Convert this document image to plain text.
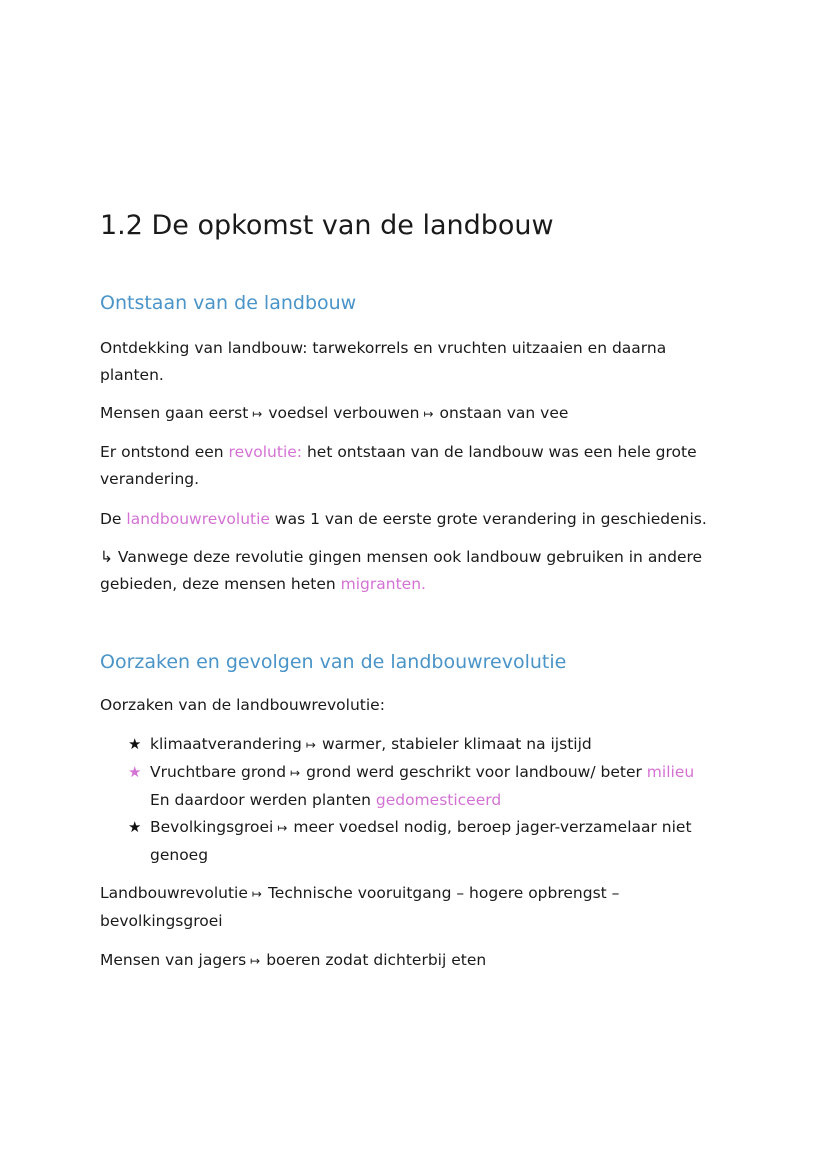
1.2 De opkomst van de landbouw
Ontstaan van de landbouw

Ontdekking van landbouw: tarwekorrels en vruchten uitzaaien en daarna planten.

Mensen gaan eerst ↦ voedsel verbouwen ↦ onstaan van vee

Er ontstond een revolutie: het ontstaan van de landbouw was een hele grote verandering.

De landbouwrevolutie was 1 van de eerste grote verandering in geschiedenis.

↳ Vanwege deze revolutie gingen mensen ook landbouw gebruiken in andere gebieden, deze mensen heten migranten.

Oorzaken en gevolgen van de landbouwrevolutie

Oorzaken van de landbouwrevolutie:

★ klimaatverandering ↦ warmer, stabieler klimaat na ijstijd
★ Vruchtbare grond ↦ grond werd geschrikt voor landbouw/ beter milieu
En daardoor werden planten gedomesticeerd
★ Bevolkingsgroei ↦ meer voedsel nodig, beroep jager-verzamelaar niet genoeg

Landbouwrevolutie ↦ Technische vooruitgang – hogere opbrengst – bevolkingsgroei

Mensen van jagers ↦ boeren zodat dichterbij eten
